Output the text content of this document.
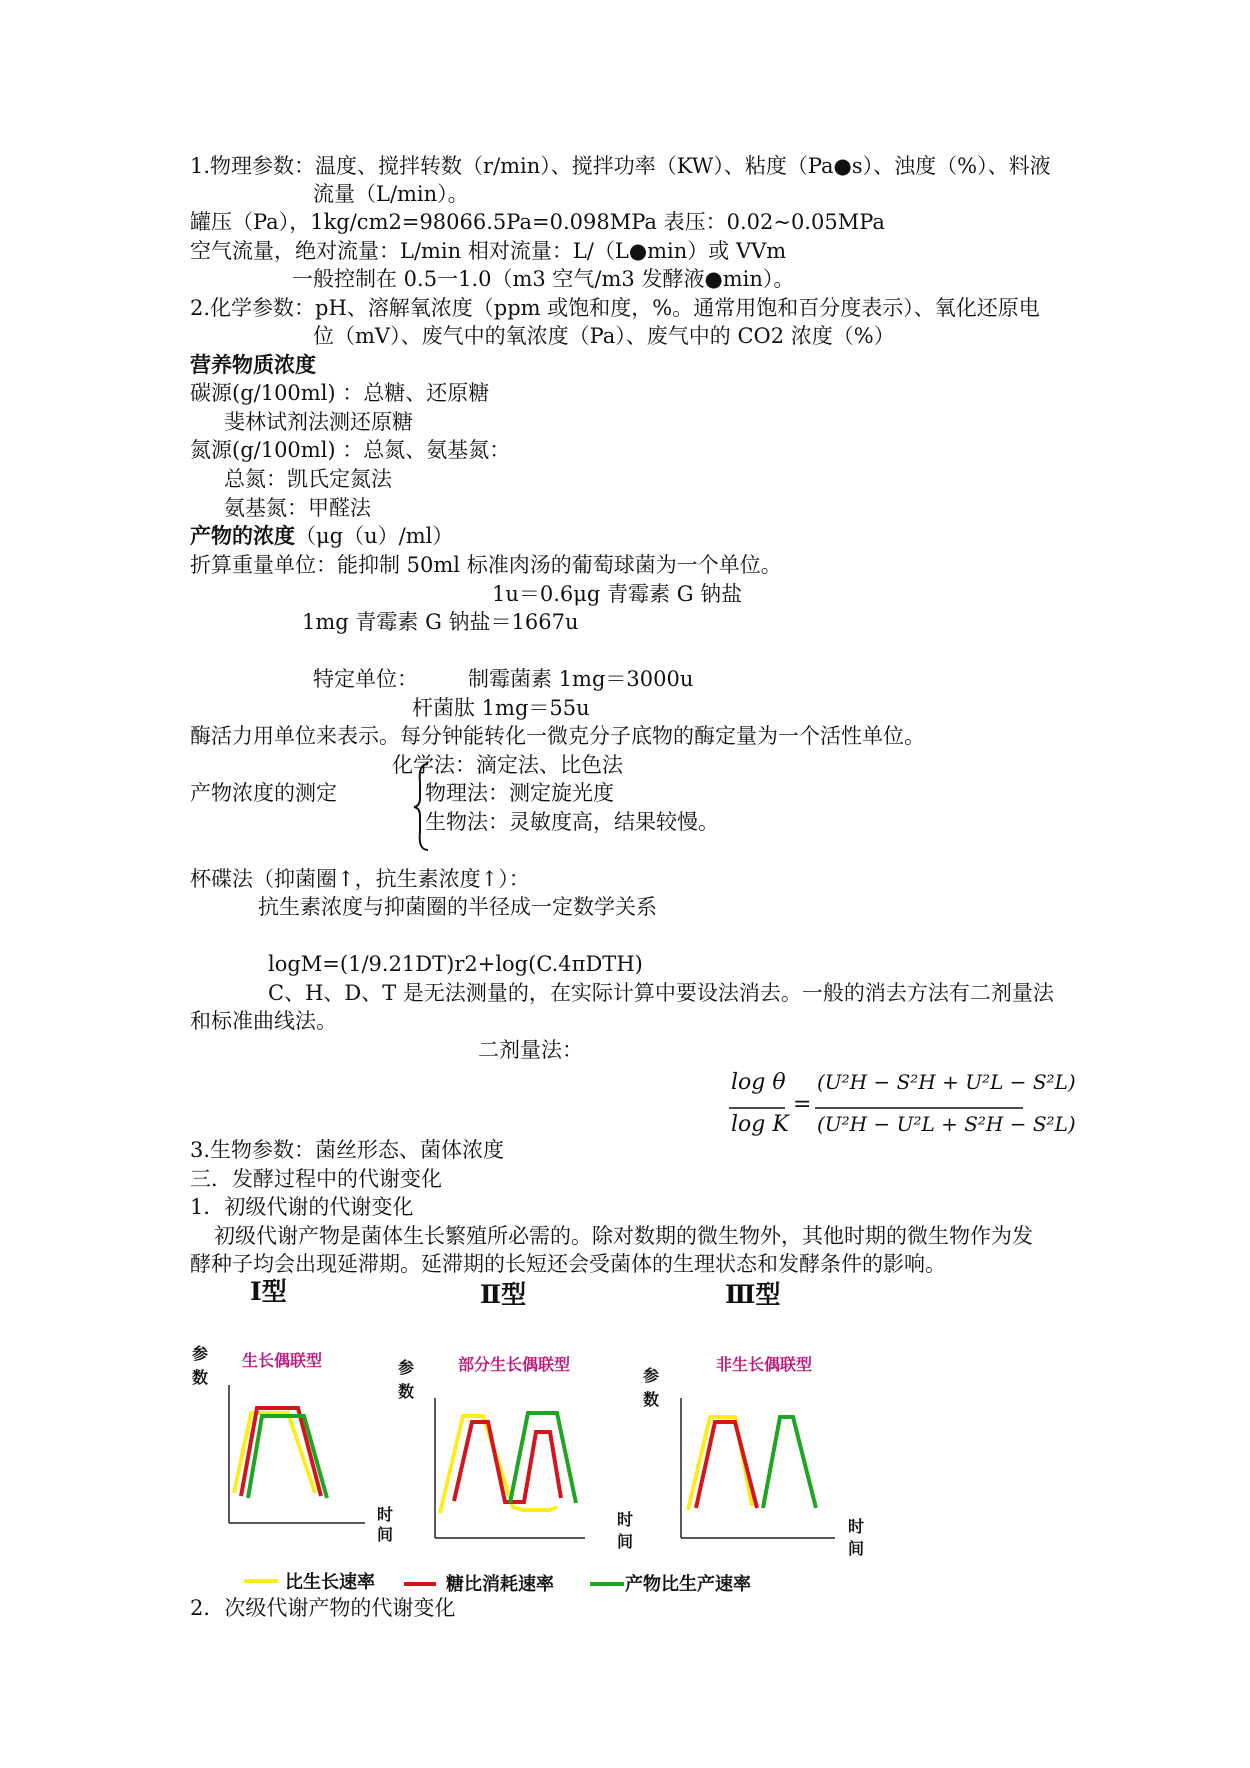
1.物理参数：温度、搅拌转数（r/min）、搅拌功率（KW）、粘度（Pa●s）、浊度（%）、料液
流量（L/min）。
罐压（Pa），1kg/cm2=98066.5Pa=0.098MPa 表压：0.02~0.05MPa
空气流量，绝对流量：L/min 相对流量：L/（L●min）或 VVm
一般控制在 0.5一1.0（m3 空气/m3 发酵液●min）。
2.化学参数：pH、溶解氧浓度（ppm 或饱和度，%。通常用饱和百分度表示）、氧化还原电
位（mV）、废气中的氧浓度（Pa）、废气中的 CO2 浓度（%）
营养物质浓度
碳源(g/100ml) ：总糖、还原糖
斐林试剂法测还原糖
氮源(g/100ml) ：总氮、氨基氮：
总氮：凯氏定氮法
氨基氮：甲醛法
产物的浓度（μg（u）/ml）
折算重量单位：能抑制 50ml 标准肉汤的葡萄球菌为一个单位。
1u＝0.6μg 青霉素 G 钠盐
1mg 青霉素 G 钠盐＝1667u
特定单位： 制霉菌素 1mg＝3000u
杆菌肽 1mg＝55u
酶活力用单位来表示。每分钟能转化一微克分子底物的酶定量为一个活性单位。
化学法：滴定法、比色法
产物浓度的测定	物理法：测定旋光度
生物法：灵敏度高，结果较慢。
杯碟法（抑菌圈↑，抗生素浓度↑）：
抗生素浓度与抑菌圈的半径成一定数学关系
logM=(1/9.21DT)r2+log(C.4πDTH)
C、H、D、T 是无法测量的，在实际计算中要设法消去。一般的消去方法有二剂量法
和标准曲线法。
二剂量法：
log θ
log K
=
(U²H − S²H + U²L − S²L)
(U²H − U²L + S²H − S²L)
3.生物参数：菌丝形态、菌体浓度
三．发酵过程中的代谢变化
1．初级代谢的代谢变化
初级代谢产物是菌体生长繁殖所必需的。除对数期的微生物外，其他时期的微生物作为发
酵种子均会出现延滞期。延滞期的长短还会受菌体的生理状态和发酵条件的影响。
Ⅰ型	Ⅱ型	Ⅲ型
参
数
生长偶联型
时
间
参
数
部分生长偶联型
参
数
非生长偶联型
时
间
时
间
比生长速率	糖比消耗速率	产物比生产速率
2．次级代谢产物的代谢变化
